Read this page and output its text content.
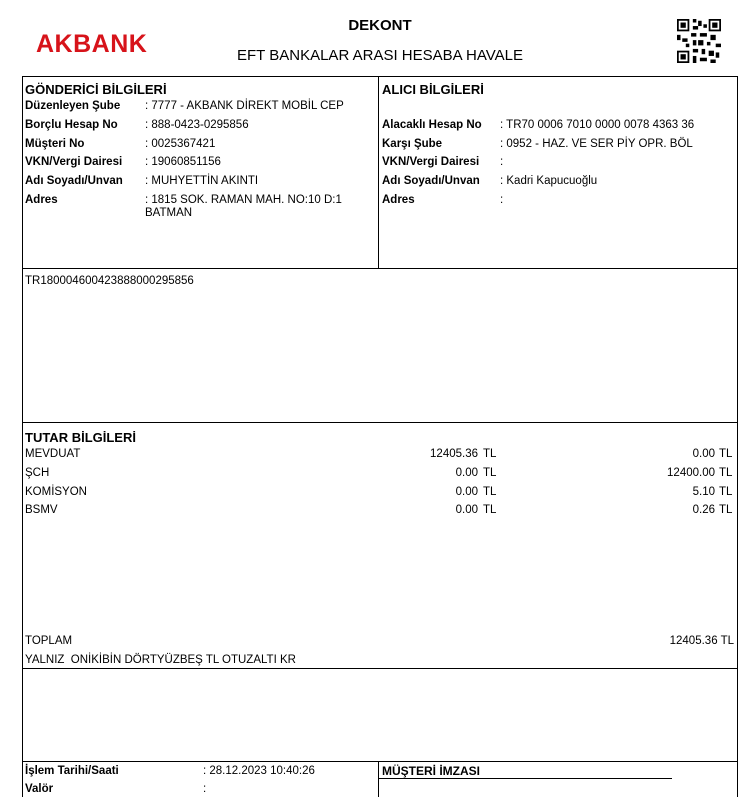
AKBANK
DEKONT
EFT BANKALAR ARASI HESABA HAVALE
GÖNDERİCİ BİLGİLERİ
Düzenleyen Şube : 7777 - AKBANK DİREKT MOBİL CEP
Borçlu Hesap No : 888-0423-0295856
Müşteri No	: 0025367421
VKN/Vergi Dairesi : 19060851156
Adı Soyadı/Unvan : MUHYETTİN AKINTI
Adres	: 1815 SOK. RAMAN MAH. NO:10 D:1
BATMAN
ALICI BİLGİLERİ
Alacaklı Hesap No : TR70 0006 7010 0000 0078 4363 36
Karşı Şube	: 0952 - HAZ. VE SER PİY OPR. BÖL
VKN/Vergi Dairesi :
Adı Soyadı/Unvan : Kadri Kapucuoğlu
Adres	:
TR180004600423888000295856
TUTAR BİLGİLERİ
MEVDUAT	12405.36 TL	0.00 TL
ŞCH	0.00 TL	12400.00 TL
KOMİSYON	0.00 TL	5.10 TL
BSMV	0.00 TL	0.26 TL
TOPLAM	12405.36 TL
YALNIZ  ONİKİBİN DÖRTYÜZBEŞ TL OTUZALTI KR
İşlem Tarihi/Saati	: 28.12.2023 10:40:26
Valör	:
MÜŞTERİ İMZASI
